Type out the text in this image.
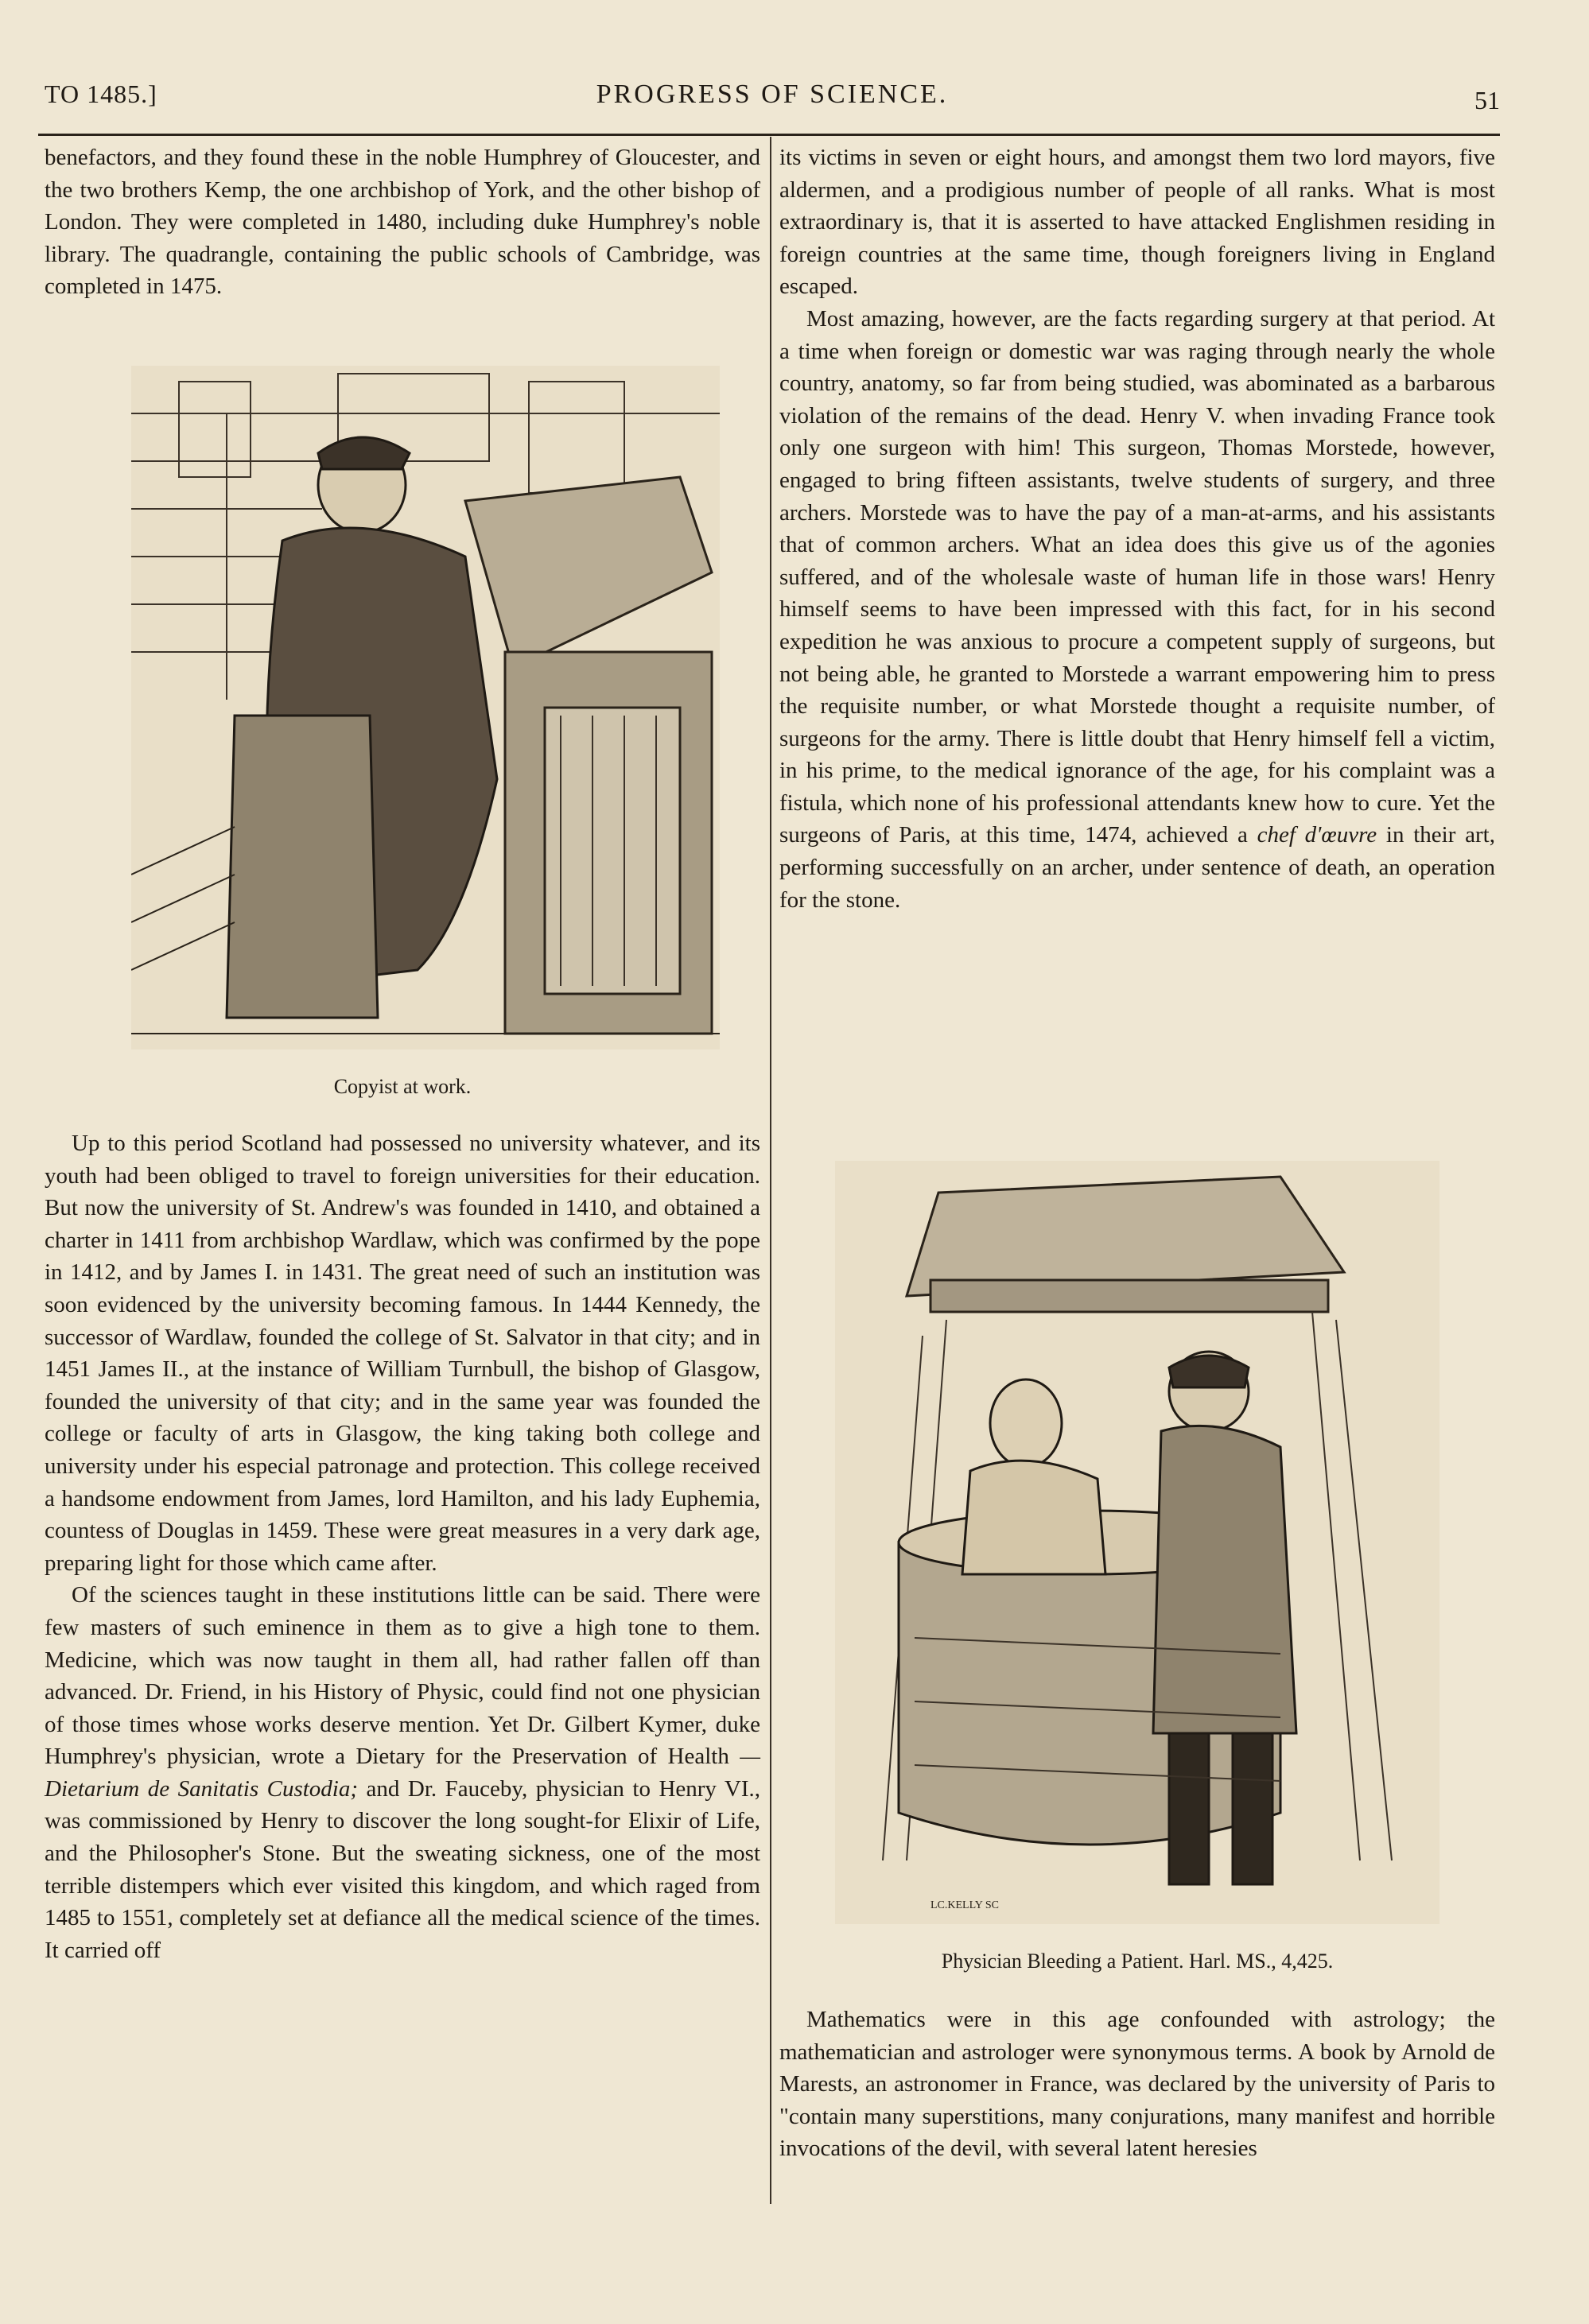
TO 1485.]	PROGRESS OF SCIENCE.	51

benefactors, and they found these in the noble Humphrey of Gloucester, and the two brothers Kemp, the one archbishop of York, and the other bishop of London. They were completed in 1480, including duke Humphrey's noble library. The quadrangle, containing the public schools of Cambridge, was completed in 1475.

Copyist at work.

Up to this period Scotland had possessed no university whatever, and its youth had been obliged to travel to foreign universities for their education. But now the university of St. Andrew's was founded in 1410, and obtained a charter in 1411 from archbishop Wardlaw, which was confirmed by the pope in 1412, and by James I. in 1431. The great need of such an institution was soon evidenced by the university becoming famous. In 1444 Kennedy, the successor of Wardlaw, founded the college of St. Salvator in that city; and in 1451 James II., at the instance of William Turnbull, the bishop of Glasgow, founded the university of that city; and in the same year was founded the college or faculty of arts in Glasgow, the king taking both college and university under his especial patronage and protection. This college received a handsome endowment from James, lord Hamilton, and his lady Euphemia, countess of Douglas in 1459. These were great measures in a very dark age, preparing light for those which came after.

Of the sciences taught in these institutions little can be said. There were few masters of such eminence in them as to give a high tone to them. Medicine, which was now taught in them all, had rather fallen off than advanced. Dr. Friend, in his History of Physic, could find not one physician of those times whose works deserve mention. Yet Dr. Gilbert Kymer, duke Humphrey's physician, wrote a Dietary for the Preservation of Health —Dietarium de Sanitatis Custodia; and Dr. Fauceby, physician to Henry VI., was commissioned by Henry to discover the long sought-for Elixir of Life, and the Philosopher's Stone. But the sweating sickness, one of the most terrible distempers which ever visited this kingdom, and which raged from 1485 to 1551, completely set at defiance all the medical science of the times. It carried off

its victims in seven or eight hours, and amongst them two lord mayors, five aldermen, and a prodigious number of people of all ranks. What is most extraordinary is, that it is asserted to have attacked Englishmen residing in foreign countries at the same time, though foreigners living in England escaped.

Most amazing, however, are the facts regarding surgery at that period. At a time when foreign or domestic war was raging through nearly the whole country, anatomy, so far from being studied, was abominated as a barbarous violation of the remains of the dead. Henry V. when invading France took only one surgeon with him! This surgeon, Thomas Morstede, however, engaged to bring fifteen assistants, twelve students of surgery, and three archers. Morstede was to have the pay of a man-at-arms, and his assistants that of common archers. What an idea does this give us of the agonies suffered, and of the wholesale waste of human life in those wars! Henry himself seems to have been impressed with this fact, for in his second expedition he was anxious to procure a competent supply of surgeons, but not being able, he granted to Morstede a warrant empowering him to press the requisite number, or what Morstede thought a requisite number, of surgeons for the army. There is little doubt that Henry himself fell a victim, in his prime, to the medical ignorance of the age, for his complaint was a fistula, which none of his professional attendants knew how to cure. Yet the surgeons of Paris, at this time, 1474, achieved a chef d'œuvre in their art, performing successfully on an archer, under sentence of death, an operation for the stone.

LC.KELLY SC
Physician Bleeding a Patient. Harl. MS., 4,425.

Mathematics were in this age confounded with astrology; the mathematician and astrologer were synonymous terms. A book by Arnold de Marests, an astronomer in France, was declared by the university of Paris to "contain many superstitions, many conjurations, many manifest and horrible invocations of the devil, with several latent heresies
